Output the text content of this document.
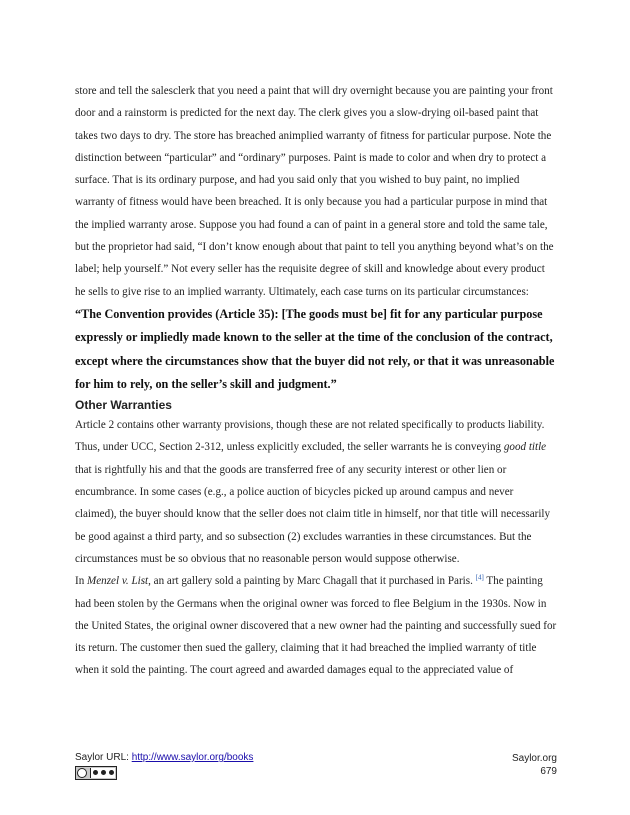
store and tell the salesclerk that you need a paint that will dry overnight because you are painting your front door and a rainstorm is predicted for the next day. The clerk gives you a slow-drying oil-based paint that takes two days to dry. The store has breached animplied warranty of fitness for particular purpose. Note the distinction between “particular” and “ordinary” purposes. Paint is made to color and when dry to protect a surface. That is its ordinary purpose, and had you said only that you wished to buy paint, no implied warranty of fitness would have been breached. It is only because you had a particular purpose in mind that the implied warranty arose. Suppose you had found a can of paint in a general store and told the same tale, but the proprietor had said, “I don’t know enough about that paint to tell you anything beyond what’s on the label; help yourself.” Not every seller has the requisite degree of skill and knowledge about every product he sells to give rise to an implied warranty. Ultimately, each case turns on its particular circumstances: “The Convention provides (Article 35): [The goods must be] fit for any particular purpose expressly or impliedly made known to the seller at the time of the conclusion of the contract, except where the circumstances show that the buyer did not rely, or that it was unreasonable for him to rely, on the seller’s skill and judgment.”

Other Warranties

Article 2 contains other warranty provisions, though these are not related specifically to products liability. Thus, under UCC, Section 2-312, unless explicitly excluded, the seller warrants he is conveying good title that is rightfully his and that the goods are transferred free of any security interest or other lien or encumbrance. In some cases (e.g., a police auction of bicycles picked up around campus and never claimed), the buyer should know that the seller does not claim title in himself, nor that title will necessarily be good against a third party, and so subsection (2) excludes warranties in these circumstances. But the circumstances must be so obvious that no reasonable person would suppose otherwise.

In Menzel v. List, an art gallery sold a painting by Marc Chagall that it purchased in Paris. [4] The painting had been stolen by the Germans when the original owner was forced to flee Belgium in the 1930s. Now in the United States, the original owner discovered that a new owner had the painting and successfully sued for its return. The customer then sued the gallery, claiming that it had breached the implied warranty of title when it sold the painting. The court agreed and awarded damages equal to the appreciated value of

Saylor URL: http://www.saylor.org/books	Saylor.org
679
